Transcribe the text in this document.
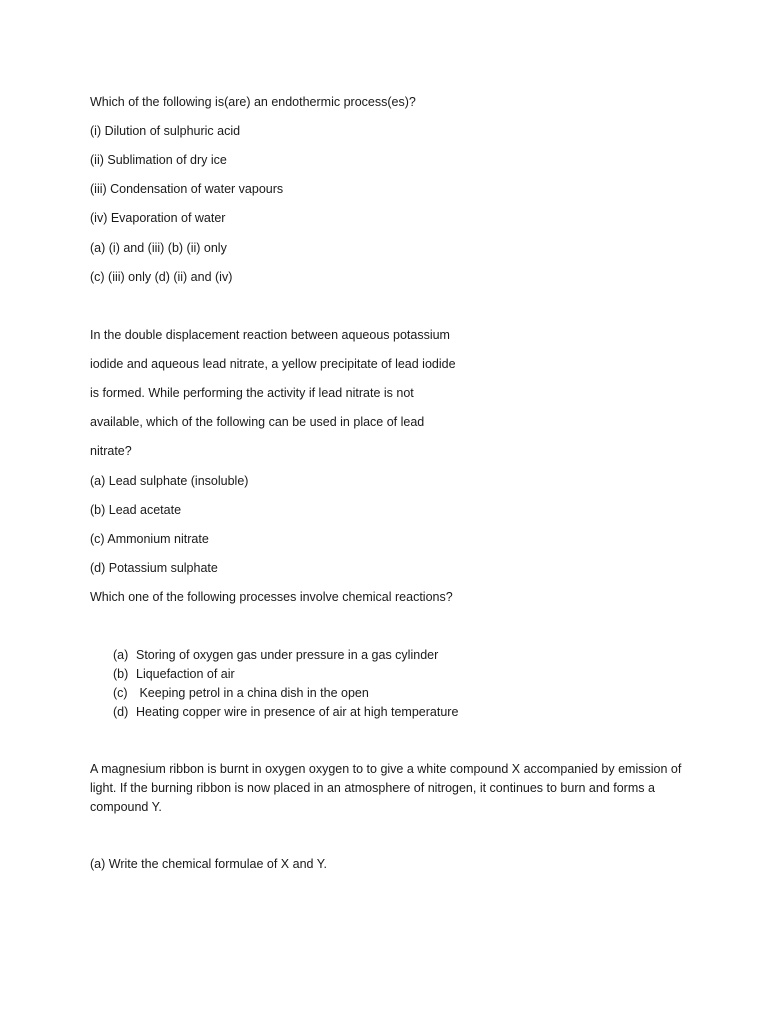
Which of the following is(are) an endothermic process(es)?
(i) Dilution of sulphuric acid
(ii) Sublimation of dry ice
(iii) Condensation of water vapours
(iv) Evaporation of water
(a) (i) and (iii) (b) (ii) only
(c) (iii) only (d) (ii) and (iv)
In the double displacement reaction between aqueous potassium
iodide and aqueous lead nitrate, a yellow precipitate of lead iodide
is formed. While performing the activity if lead nitrate is not
available, which of the following can be used in place of lead
nitrate?
(a) Lead sulphate (insoluble)
(b) Lead acetate
(c) Ammonium nitrate
(d) Potassium sulphate
Which one of the following processes involve chemical reactions?
(a) Storing of oxygen gas under pressure in a gas cylinder
(b) Liquefaction of air
(c) Keeping petrol in a china dish in the open
(d) Heating copper wire in presence of air at high temperature
A magnesium ribbon is burnt in oxygen oxygen to to give a white compound X accompanied by emission of light. If the burning ribbon is now placed in an atmosphere of nitrogen, it continues to burn and forms a compound Y.
(a) Write the chemical formulae of X and Y.
